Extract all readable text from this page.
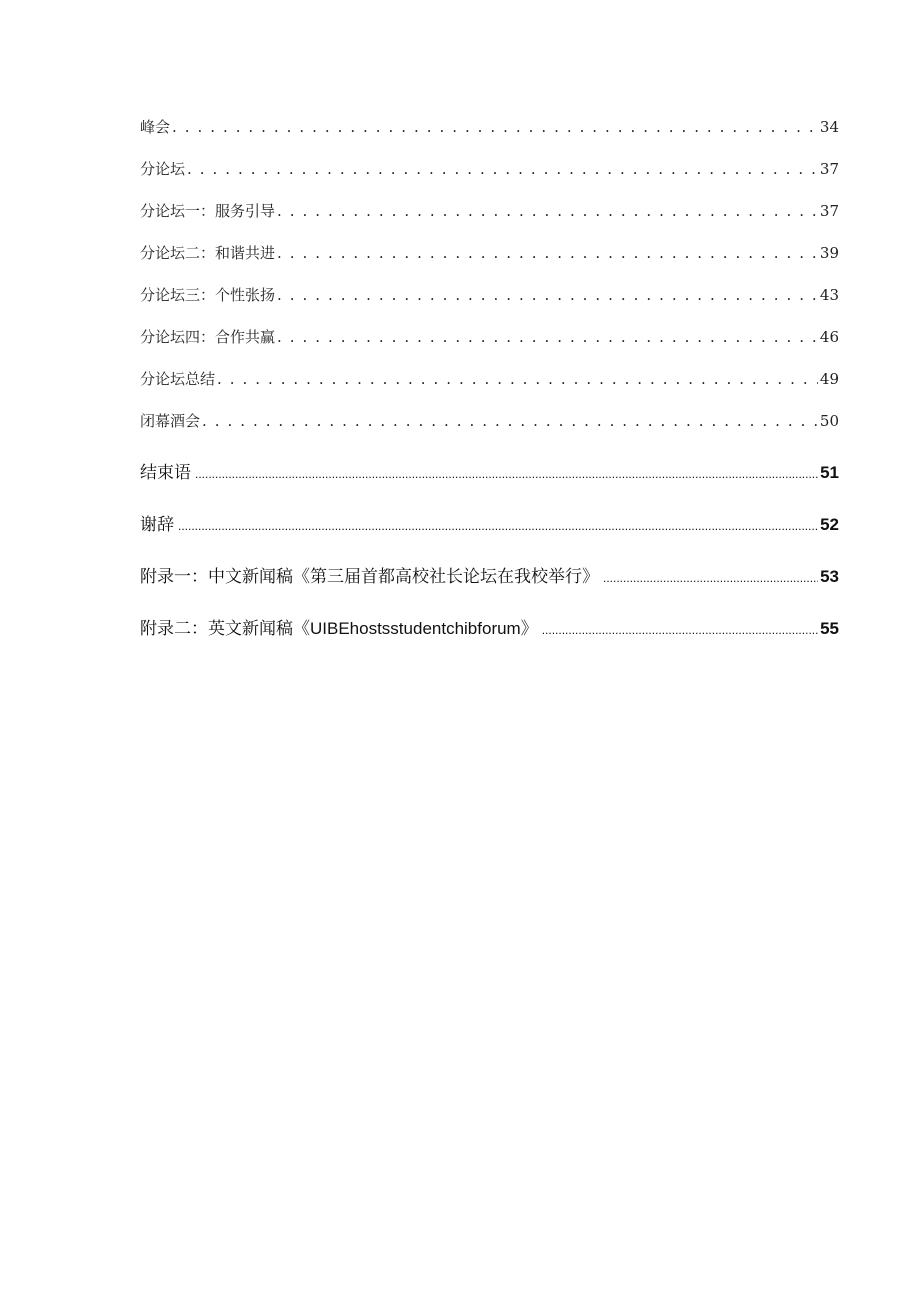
峰会 . . .	34
分论坛 . . .	37
分论坛一：服务引导 . . .	37
分论坛二：和谐共进 . . .	39
分论坛三：个性张扬 . . .	43
分论坛四：合作共赢 . . .	46
分论坛总结 . . .	49
闭幕酒会 . . .	50
结束语 .....	51
谢辞 .....	52
附录一：中文新闻稿《第三届首都高校社长论坛在我校举行》 .....	53
附录二：英文新闻稿《UIBEhostsstudentchibforum》 .....	55
